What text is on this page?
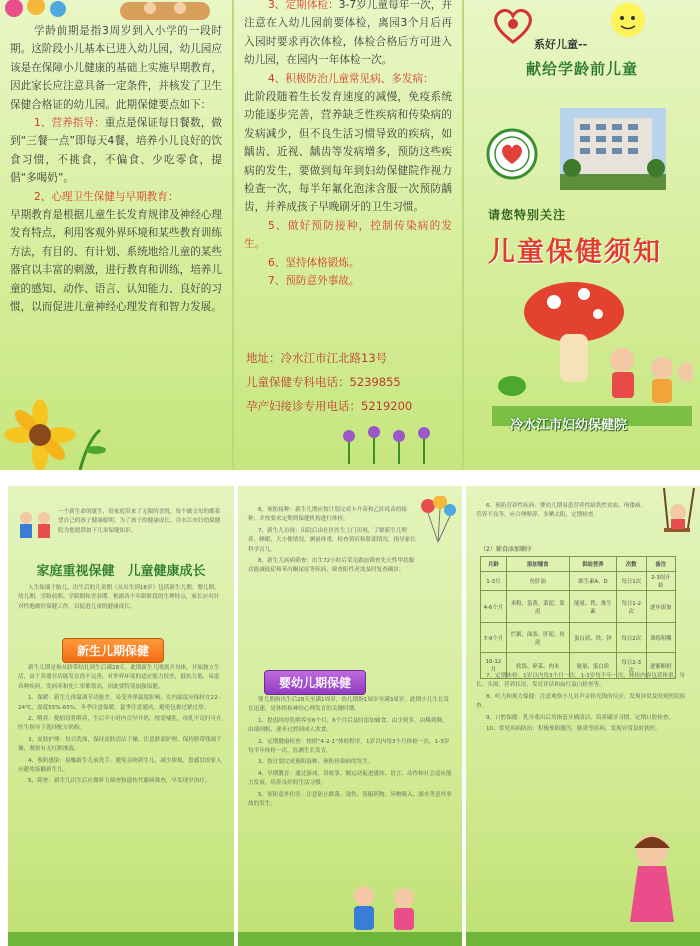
学龄前期是指3周岁到入小学的一段时期。这阶段小儿基本已进入幼儿园，幼儿园应该是在保障小儿健康的基础上实施早期教育，因此家长应注意具备一定条件，并核发了卫生保健合格证的幼儿园。此期保健要点如下：
1、营养指导：重点是保证每日餐数，做到“三餐一点”即每天4餐，培养小儿良好的饮食习惯，不挑食，不偏食、少吃零食，提倡“多喝奶”。
2、心理卫生保健与早期教育：
早期教育是根据儿童生长发育规律及神经心理发育特点，利用客观外界环境和某些教育训练方法，有目的、有计划、系统地给儿童的某些器官以丰富的刺激，进行教育和训练，培养儿童的感知、动作、语言、认知能力、良好的习惯，以而促进儿童神经心理发育和智力发展。
3、定期体检：3-7岁儿童每年一次，并注意在入幼儿园前要体检，离园3个月后再入园时要求再次体检，体检合格后方可进入幼儿园，在园内一年体检一次。
4、积极防治儿童常见病、多发病：
此阶段随着生长发育速度的减慢，免疫系统功能逐步完善，营养缺乏性疾病和传染病的发病减少，但不良生活习惯导致的疾病，如龋齿、近视、龋齿等发病增多，预防这些疾病的发生，要做到每年到妇幼保健院作视力检查一次，每半年氟化泡沫含服一次预防龋齿，并养成孩子早晚刷牙的卫生习惯。
5、做好预防接种，控制传染病的发生。
6、坚持体格锻炼。
7、预防意外事故。
地址：冷水江市江北路13号
儿童保健专科电话：5239855
孕产妇接诊专用电话：5219200
系好儿童--
献给学龄前儿童
请您特别关注
儿童保健须知
冷水江市妇幼保健院
一个新生命的诞生，给家庭带来了无限的喜悦。每个做父母的都希望自己的孩子健康聪明。为了孩子的健康成长，冷水江市妇幼保健院为您提供如下儿童保健知识。
家庭重视保健　儿童健康成长

人生始端于胎儿，出生后的儿童期（从出生到18岁）包括新生儿期、婴儿期、幼儿期、学龄前期、学龄期和青春期。根据各个年龄阶段的生理特点，家长应有针对性地做好保健工作，以促进儿童的健康成长。

新生儿期保健

新生儿期是指从脐带结扎到生后满28天。此期新生儿刚离开母体，开始独立生活，由于各器官功能发育尚不完善，对外界环境的适应能力较差，抵抗力低，易患各种疾病，发病率和死亡率都很高，因此要特别加强保健。

1、保暖：新生儿体温调节功能差，易受外界温度影响，室内温度应保持在22-24℃，湿度55%-65%，冬季注意保暖，夏季注意通风，避免包裹过紧过厚。

2、喂养：提倡母乳喂养，生后半小时内尽早开奶，按需哺乳，母乳不足时可在医生指导下选择配方奶粉。

3、皮肤护理：每日洗澡，保持皮肤清洁干燥，注意脐部护理，保持脐带残端干燥，观察有无红肿渗液。

4、预防感染：接触新生儿前洗手，避免亲吻新生儿，减少探视，患感冒的家人应避免接触新生儿。

5、筛查：新生儿出生后应做听力筛查和遗传代谢病筛查，早发现早治疗。

6、预防接种：新生儿期应按计划完成卡介苗和乙肝疫苗的接种，并按要求定期到保健机构进行体检。

7、新生儿访视：出院后由社区医生上门访视，了解新生儿喂养、睡眠、大小便情况，测量体重，检查黄疸和脐部情况，指导家长科学育儿。

8、新生儿疾病筛查：出生72小时后采足跟血筛查先天性甲状腺功能减低症和苯丙酮尿症等疾病，筛查阳性者需及时复查确诊。

婴幼儿期保健

婴儿期指出生后28天至满1周岁，幼儿期指1周岁至满3周岁。此期小儿生长发育迅速，是体格和神经心理发育的关键时期。

1、提倡纯母乳喂养至6个月，6个月后及时添加辅食，由少到多，由稀到稠，由细到粗，逐步过渡到成人饮食。

2、定期健康检查：按照“4-2-1”体检程序，1岁以内每3个月体检一次，1-3岁每半年体检一次，监测生长发育。

3、按计划完成预防接种，预防传染病的发生。

4、早期教育：通过游戏、讲故事、做运动促进感知、语言、动作和社会适应能力发展，培养良好的生活习惯。

5、预防意外伤害：注意防止跌落、烫伤、误服药物、异物吸入、溺水等意外事故的发生。

6、预防营养性疾病：婴幼儿期易患营养性缺铁性贫血、佝偻病、营养不良等，应合理喂养，多晒太阳，定期检查。

（2）辅食添加顺序
月龄	添加辅食	供给营养	次数	备注
1-3月	鱼肝油	维生素A、D	每日1次	2-3周开始
4-6个月	米粉、蛋黄、菜泥、果泥	能量、铁、维生素	每日1-2次	逐步添加
7-9个月	烂粥、面条、肝泥、鱼泥	蛋白质、铁、锌	每日2次	训练咀嚼
10-12月	软饭、碎菜、肉末	能量、蛋白质	每日2-3次	逐渐断奶

7、定期体检：1岁以内每3个月一次，1-3岁每半年一次，体检内容包括体重、身长、头围、营养状况、发育评估和血红蛋白检查等。

8、听力和视力保健：注意观察小儿对声音和光线的反应，发现异常及时到医院检查。

9、口腔保健：乳牙萌出后用指套牙刷清洁，培养刷牙习惯，定期口腔检查。

10、常见疾病防治：积极预防腹泻、肺炎等疾病，发现异常及时就医。
